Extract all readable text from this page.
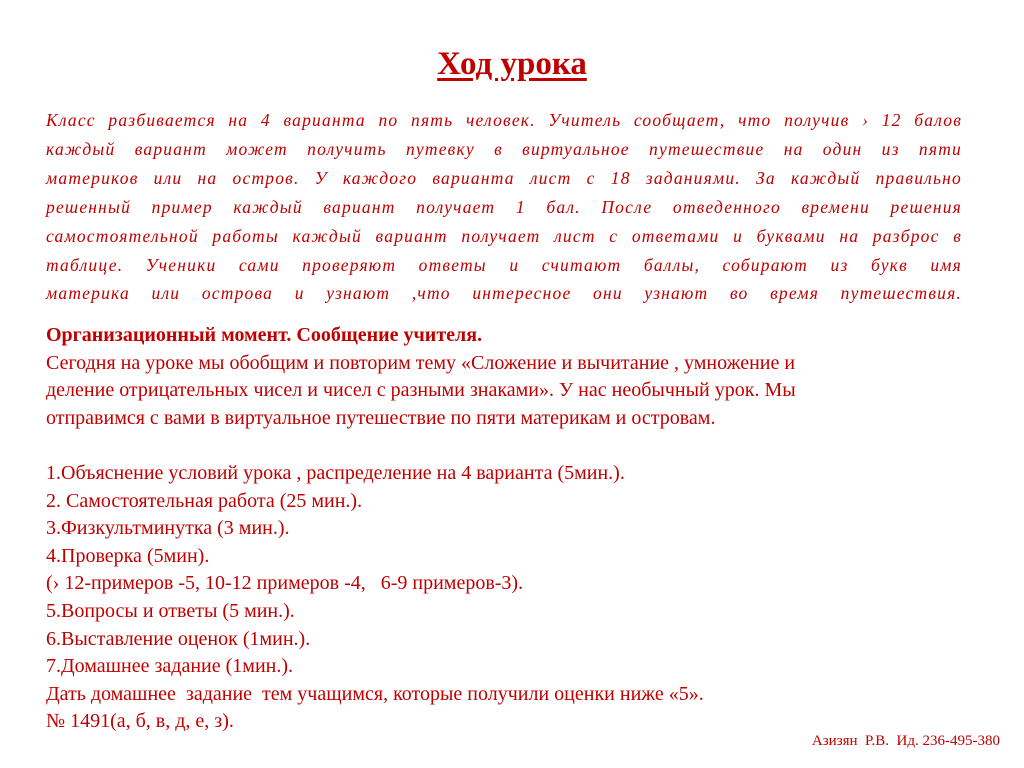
Ход урока
Класс разбивается на 4 варианта по пять человек. Учитель сообщает, что получив › 12 балов
каждый вариант может получить путевку в виртуальное путешествие на один из пяти
материков или на остров. У каждого варианта лист с 18 заданиями. За каждый правильно
решенный пример каждый вариант получает 1 бал. После отведенного времени решения
самостоятельной работы каждый вариант получает лист с ответами и буквами на разброс в
таблице. Ученики сами проверяют ответы и считают баллы, собирают из букв имя
материка или острова и узнают ,что интересное они узнают во время путешествия.
Организационный момент. Сообщение учителя.
Сегодня на уроке мы обобщим и повторим тему «Сложение и вычитание , умножение и
деление отрицательных чисел и чисел с разными знаками». У нас необычный урок. Мы
отправимся с вами в виртуальное путешествие по пяти материкам и островам.
1.Объяснение условий урока , распределение на 4 варианта (5мин.).
2. Самостоятельная работа (25 мин.).
3.Физкультминутка (3 мин.).
4.Проверка (5мин).
(› 12-примеров -5, 10-12 примеров -4,   6-9 примеров-3).
5.Вопросы и ответы (5 мин.).
6.Выставление оценок (1мин.).
7.Домашнее задание (1мин.).
Дать домашнее  задание  тем учащимся, которые получили оценки ниже «5».
№ 1491(а, б, в, д, е, з).

Азизян  Р.В.  Ид. 236-495-380
